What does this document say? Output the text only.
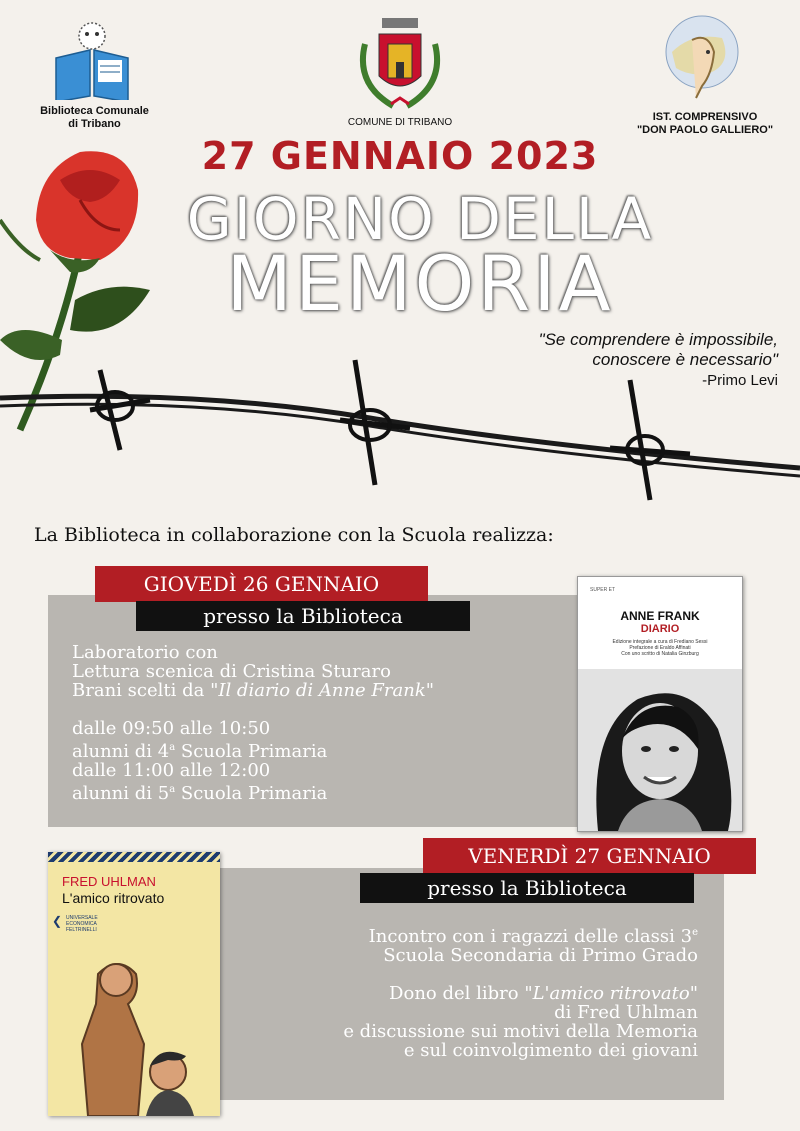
Biblioteca Comunale
di Tribano	COMUNE DI TRIBANO	IST. COMPRENSIVO
"DON PAOLO GALLIERO"
27 GENNAIO 2023
GIORNO DELLA
MEMORIA
"Se comprendere è impossibile,
conoscere è necessario"
-Primo Levi
La Biblioteca in collaborazione con la Scuola realizza:
GIOVEDÌ 26 GENNAIO
presso la Biblioteca
Laboratorio con
Lettura scenica di Cristina Sturaro
Brani scelti da "Il diario di Anne Frank"
dalle 09:50 alle 10:50
alunni di 4$^a$ Scuola Primaria
dalle 11:00 alle 12:00
alunni di 5$^a$ Scuola Primaria
SUPER ET
ANNE FRANK
DIARIO
Edizione integrale a cura di Frediano Sessi
Prefazione di Eraldo Affinati
Con uno scritto di Natalia Ginzburg
VENERDÌ 27 GENNAIO
presso la Biblioteca
Incontro con i ragazzi delle classi 3e
Scuola Secondaria di Primo Grado
Dono del libro "L'amico ritrovato"
di Fred Uhlman
e discussione sui motivi della Memoria
e sul coinvolgimento dei giovani
FRED UHLMAN
L'amico ritrovato
❮ UNIVERSALE
ECONOMICA
FELTRINELLI
